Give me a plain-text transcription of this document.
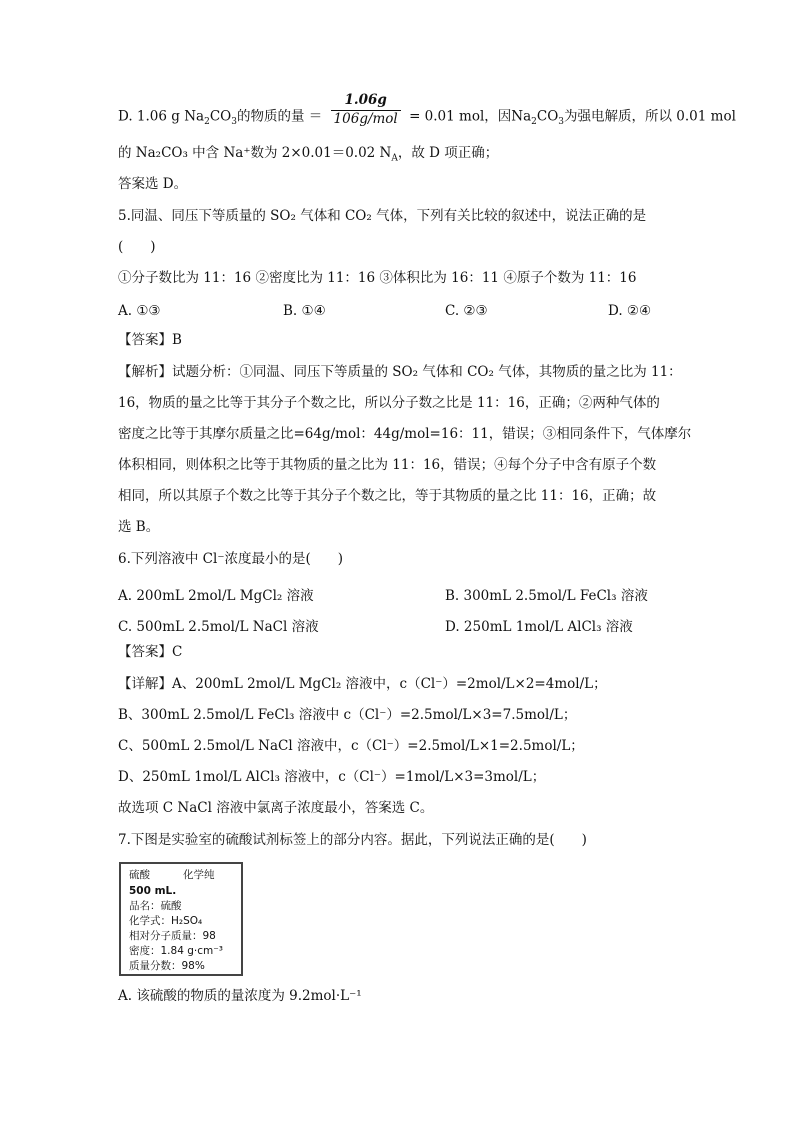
D. 1.06 g $Na_2CO_3$的物质的量 ＝ $\frac{1.06g}{\text{106g/mol}} = 0.01$ mol，因$Na_2CO_3$为强电解质，所以 0.01 mol
的 Na₂CO₃ 中含 Na⁺数为 2×0.01＝0.02 $N_A$，故 D 项正确；
答案选 D。
5.同温、同压下等质量的 SO₂ 气体和 CO₂ 气体，下列有关比较的叙述中，说法正确的是
(　　)
①分子数比为 11：16 ②密度比为 11：16 ③体积比为 16：11 ④原子个数为 11：16
A. ①③	B. ①④	C. ②③	D. ②④
【答案】B
【解析】试题分析：①同温、同压下等质量的 SO₂ 气体和 CO₂ 气体，其物质的量之比为 11：
16，物质的量之比等于其分子个数之比，所以分子数之比是 11：16，正确；②两种气体的
密度之比等于其摩尔质量之比=64g/mol：44g/mol=16：11，错误；③相同条件下，气体摩尔
体积相同，则体积之比等于其物质的量之比为 11：16，错误；④每个分子中含有原子个数
相同，所以其原子个数之比等于其分子个数之比，等于其物质的量之比 11：16，正确；故
选 B。
6.下列溶液中 Cl⁻浓度最小的是(　　)
A. 200mL 2mol/L MgCl₂ 溶液	B. 300mL 2.5mol/L FeCl₃ 溶液
C. 500mL 2.5mol/L NaCl 溶液	D. 250mL 1mol/L AlCl₃ 溶液
【答案】C
【详解】A、200mL 2mol/L MgCl₂ 溶液中，c（Cl⁻）=2mol/L×2=4mol/L；
B、300mL 2.5mol/L FeCl₃ 溶液中 c（Cl⁻）=2.5mol/L×3=7.5mol/L；
C、500mL 2.5mol/L NaCl 溶液中，c（Cl⁻）=2.5mol/L×1=2.5mol/L；
D、250mL 1mol/L AlCl₃ 溶液中，c（Cl⁻）=1mol/L×3=3mol/L；
故选项 C NaCl 溶液中氯离子浓度最小，答案选 C。
7.下图是实验室的硫酸试剂标签上的部分内容。据此，下列说法正确的是(　　)
硫酸	化学纯
500 mL.
品名：硫酸
化学式：H₂SO₄
相对分子质量：98
密度：1.84 g·cm⁻³
质量分数：98%
A. 该硫酸的物质的量浓度为 9.2mol·L⁻¹
